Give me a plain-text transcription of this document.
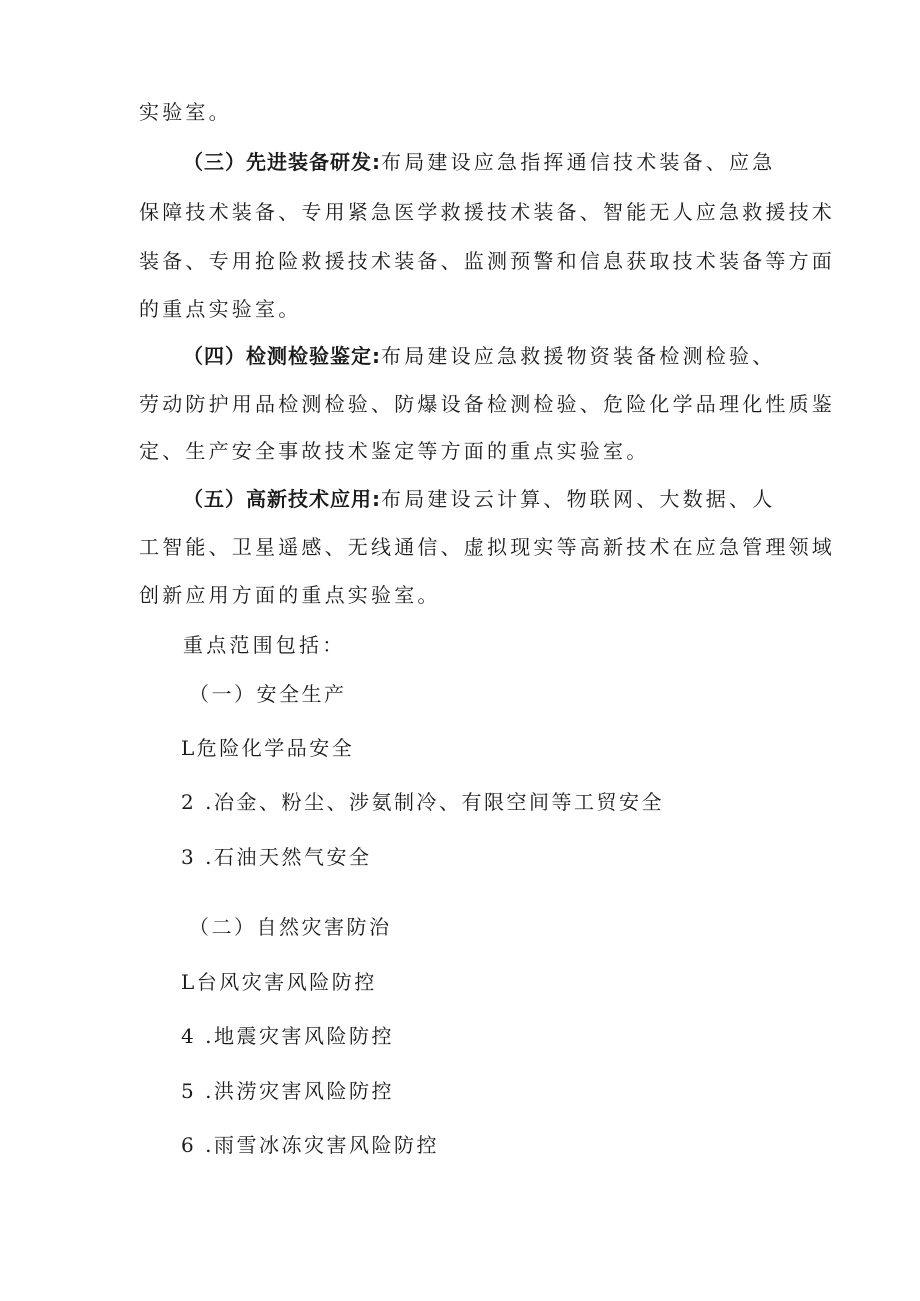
实验室。
（三）先进装备研发:布局建设应急指挥通信技术装备、应急
保障技术装备、专用紧急医学救援技术装备、智能无人应急救援技术
装备、专用抢险救援技术装备、监测预警和信息获取技术装备等方面
的重点实验室。
（四）检测检验鉴定:布局建设应急救援物资装备检测检验、
劳动防护用品检测检验、防爆设备检测检验、危险化学品理化性质鉴
定、生产安全事故技术鉴定等方面的重点实验室。
（五）高新技术应用:布局建设云计算、物联网、大数据、人
工智能、卫星遥感、无线通信、虚拟现实等高新技术在应急管理领域
创新应用方面的重点实验室。
重点范围包括：
（一）安全生产
L危险化学品安全
2 .冶金、粉尘、涉氨制冷、有限空间等工贸安全
3 .石油天然气安全
（二）自然灾害防治
L台风灾害风险防控
4 .地震灾害风险防控
5 .洪涝灾害风险防控
6 .雨雪冰冻灾害风险防控
